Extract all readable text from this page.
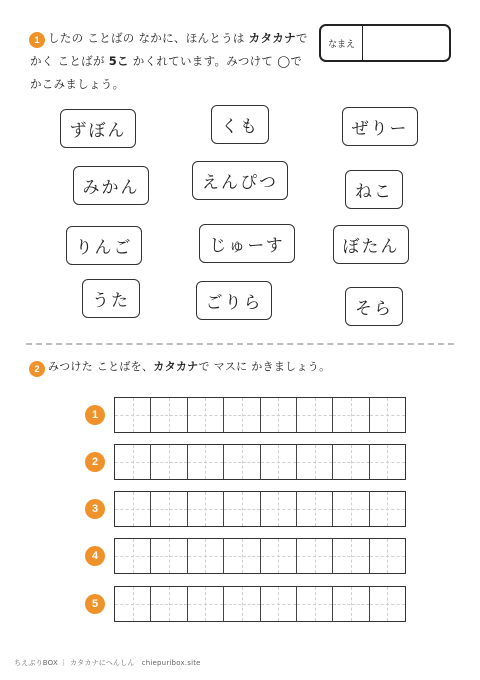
1 したの ことばの なかに、ほんとうは カタカナで かく ことばが 5こ かくれています。みつけて ◯で かこみましょう。
なまえ
ずぼん	くも	ぜりー
みかん	えんぴつ	ねこ
りんご	じゅーす	ぼたん
うた	ごりら	そら
2 みつけた ことばを、カタカナで マスに かきましょう。
1
2
3
4
5
ちえぶりBOX ｜ カタカナにへんしん　chiepuribox.site
